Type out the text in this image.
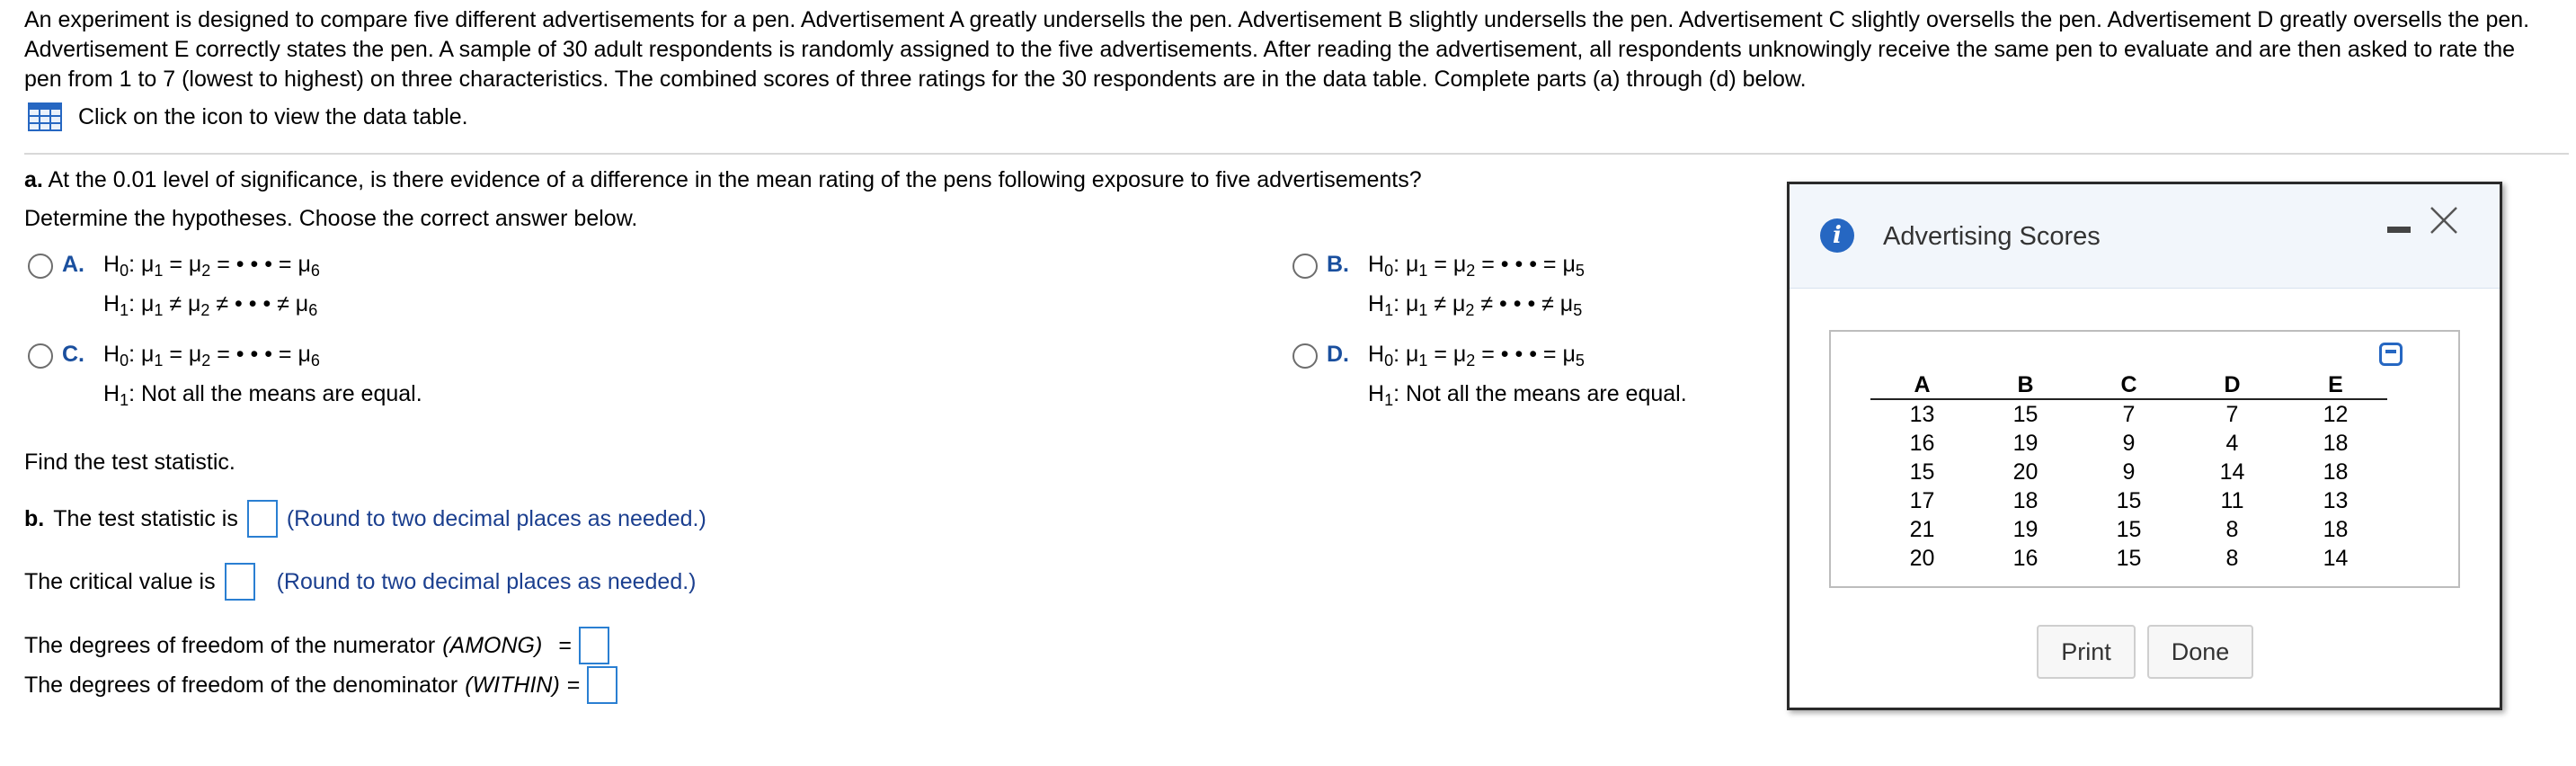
An experiment is designed to compare five different advertisements for a pen. Advertisement A greatly undersells the pen. Advertisement B slightly undersells the pen. Advertisement C slightly oversells the pen. Advertisement D greatly oversells the pen. Advertisement E correctly states the pen. A sample of 30 adult respondents is randomly assigned to the five advertisements. After reading the advertisement, all respondents unknowingly receive the same pen to evaluate and are then asked to rate the pen from 1 to 7 (lowest to highest) on three characteristics. The combined scores of three ratings for the 30 respondents are in the data table. Complete parts (a) through (d) below.
Click on the icon to view the data table.
a. At the 0.01 level of significance, is there evidence of a difference in the mean rating of the pens following exposure to five advertisements?
Determine the hypotheses. Choose the correct answer below.
A. $H_0$: $\mu_1 = \mu_2$ = • • • = $\mu_6$
$H_1$: $\mu_1 \ne \mu_2$ ≠ • • • ≠ $\mu_6$
B. $H_0$: $\mu_1 = \mu_2$ = • • • = $\mu_5$
$H_1$: $\mu_1 \ne \mu_2$ ≠ • • • ≠ $\mu_5$
C. $H_0$: $\mu_1 = \mu_2$ = • • • = $\mu_6$
$H_1$: Not all the means are equal.
D. $H_0$: $\mu_1 = \mu_2$ = • • • = $\mu_5$
$H_1$: Not all the means are equal.
Find the test statistic.
b. The test statistic is (Round to two decimal places as needed.)
The critical value is	(Round to two decimal places as needed.)
The degrees of freedom of the numerator (AMONG) =
The degrees of freedom of the denominator (WITHIN) =
i	Advertising Scores
A	B	C	D	E
13	15	7	7	12
16	19	9	4	18
15	20	9	14	18
17	18	15	11	13
21	19	15	8	18
20	16	15	8	14
Print	Done
